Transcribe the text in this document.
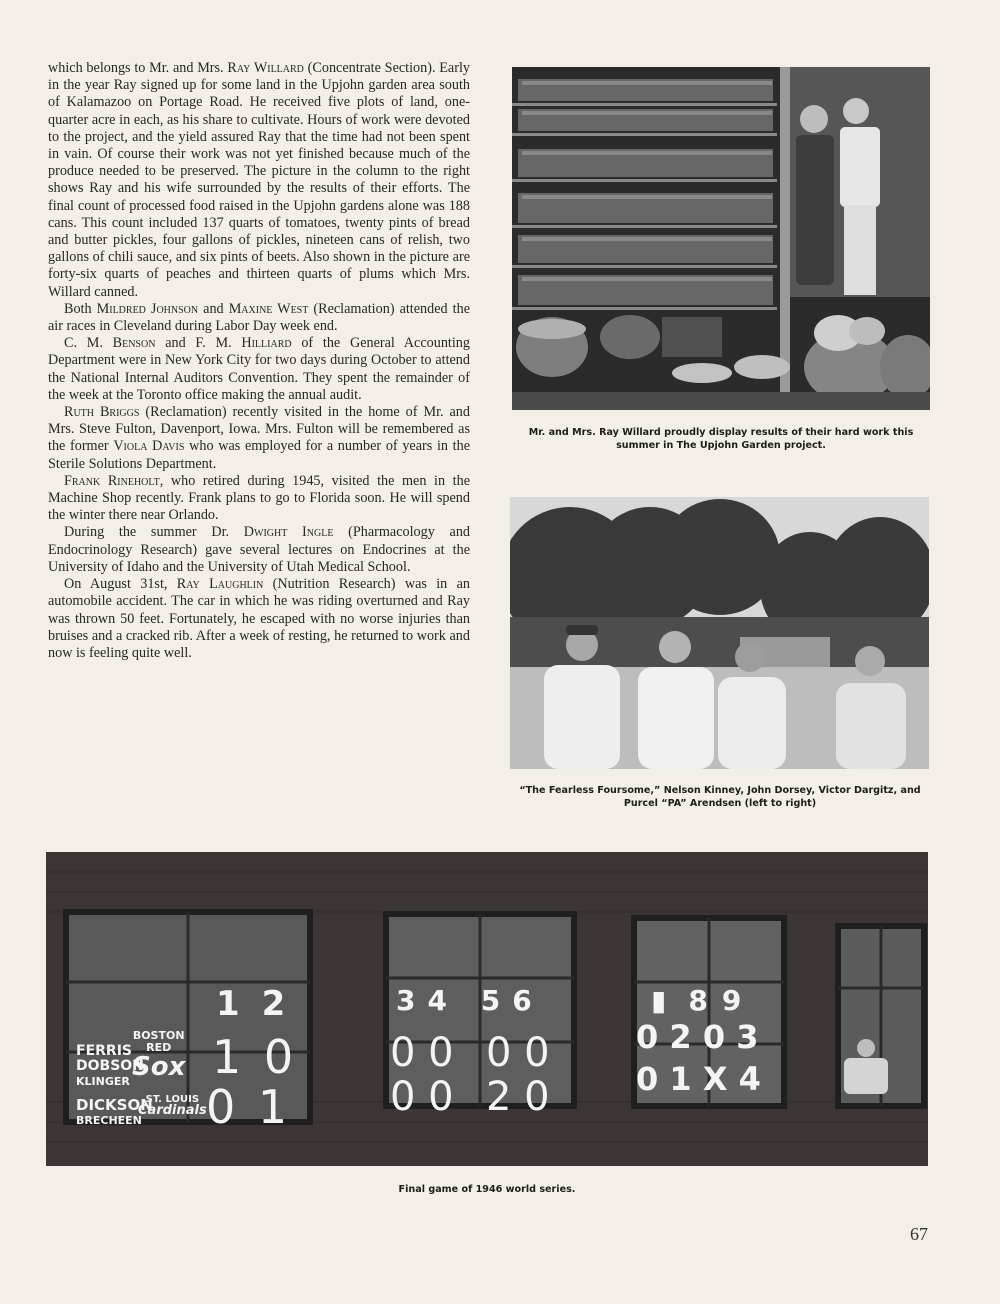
which belongs to Mr. and Mrs. Ray Willard (Concentrate Section). Early in the year Ray signed up for some land in the Upjohn garden area south of Kalamazoo on Portage Road. He received five plots of land, one-quarter acre in each, as his share to cultivate. Hours of work were devoted to the project, and the yield assured Ray that the time had not been spent in vain. Of course their work was not yet finished because much of the produce needed to be preserved. The picture in the column to the right shows Ray and his wife surrounded by the results of their efforts. The final count of processed food raised in the Upjohn gardens alone was 188 cans. This count included 137 quarts of tomatoes, twenty pints of bread and butter pickles, four gallons of pickles, nineteen cans of relish, two gallons of chili sauce, and six pints of beets. Also shown in the picture are forty-six quarts of peaches and thirteen quarts of plums which Mrs. Willard canned.

Both Mildred Johnson and Maxine West (Reclamation) attended the air races in Cleveland during Labor Day week end.

C. M. Benson and F. M. Hilliard of the General Accounting Department were in New York City for two days during October to attend the National Internal Auditors Convention. They spent the remainder of the week at the Toronto office making the annual audit.

Ruth Briggs (Reclamation) recently visited in the home of Mr. and Mrs. Steve Fulton, Davenport, Iowa. Mrs. Fulton will be remembered as the former Viola Davis who was employed for a number of years in the Sterile Solutions Department.

Frank Rineholt, who retired during 1945, visited the men in the Machine Shop recently. Frank plans to go to Florida soon. He will spend the winter there near Orlando.

During the summer Dr. Dwight Ingle (Pharmacology and Endocrinology Research) gave several lectures on Endocrines at the University of Idaho and the University of Utah Medical School.

On August 31st, Ray Laughlin (Nutrition Research) was in an automobile accident. The car in which he was riding overturned and Ray was thrown 50 feet. Fortunately, he escaped with no worse injuries than bruises and a cracked rib. After a week of resting, he returned to work and now is feeling quite well.

Mr. and Mrs. Ray Willard proudly display results of their hard work this summer in The Upjohn Garden project.
“The Fearless Foursome,” Nelson Kinney, John Dorsey, Victor Dargitz, and Purcel “PA” Arendsen (left to right)
FERRIS
DOBSON
KLINGER
BOSTON
RED
Sox
DICKSON
BRECHEEN
ST. LOUIS
Cardinals
12	34 56	▮89
1 0
0 1
0 0 0 0
0 0 2 0
0 2 0 3
0 1 X 4
Final game of 1946 world series.
67
